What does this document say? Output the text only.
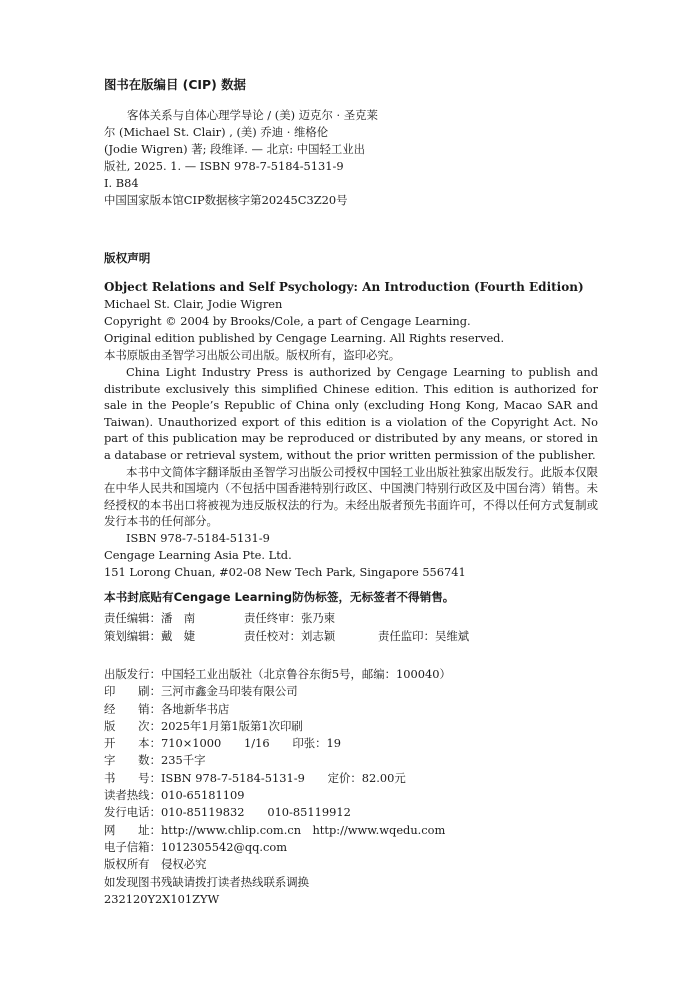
图书在版编目 (CIP) 数据
客体关系与自体心理学导论 / (美) 迈克尔 · 圣克莱
尔 (Michael St. Clair) , (美) 乔迪 · 维格伦
(Jodie Wigren) 著; 段维译. — 北京: 中国轻工业出
版社, 2025. 1. — ISBN 978-7-5184-5131-9
Ⅰ. B84
中国国家版本馆CIP数据核字第20245C3Z20号
版权声明
Object Relations and Self Psychology: An Introduction (Fourth Edition)
Michael St. Clair, Jodie Wigren
Copyright © 2004 by Brooks/Cole, a part of Cengage Learning.
Original edition published by Cengage Learning. All Rights reserved.
本书原版由圣智学习出版公司出版。版权所有，盗印必究。
China Light Industry Press is authorized by Cengage Learning to publish and distribute exclusively this simplified Chinese edition. This edition is authorized for sale in the People’s Republic of China only (excluding Hong Kong, Macao SAR and Taiwan). Unauthorized export of this edition is a violation of the Copyright Act. No part of this publication may be reproduced or distributed by any means, or stored in a database or retrieval system, without the prior written permission of the publisher.
本书中文简体字翻译版由圣智学习出版公司授权中国轻工业出版社独家出版发行。此版本仅限在中华人民共和国境内（不包括中国香港特别行政区、中国澳门特别行政区及中国台湾）销售。未经授权的本书出口将被视为违反版权法的行为。未经出版者预先书面许可，不得以任何方式复制或发行本书的任何部分。
ISBN 978-7-5184-5131-9
Cengage Learning Asia Pte. Ltd.
151 Lorong Chuan, #02-08 New Tech Park, Singapore 556741
本书封底贴有Cengage Learning防伪标签，无标签者不得销售。
责任编辑：潘　南	责任终审：张乃柬
策划编辑：戴　婕	责任校对：刘志颖	责任监印：吴维斌
出版发行：中国轻工业出版社（北京鲁谷东街5号，邮编：100040）
印　　刷：三河市鑫金马印装有限公司
经　　销：各地新华书店
版　　次：2025年1月第1版第1次印刷
开　　本：710×1000　　1/16　　印张：19
字　　数：235千字
书　　号：ISBN 978-7-5184-5131-9　　定价：82.00元
读者热线：010-65181109
发行电话：010-85119832　　010-85119912
网　　址：http://www.chlip.com.cn　http://www.wqedu.com
电子信箱：1012305542@qq.com
版权所有　侵权必究
如发现图书残缺请拨打读者热线联系调换
232120Y2X101ZYW
